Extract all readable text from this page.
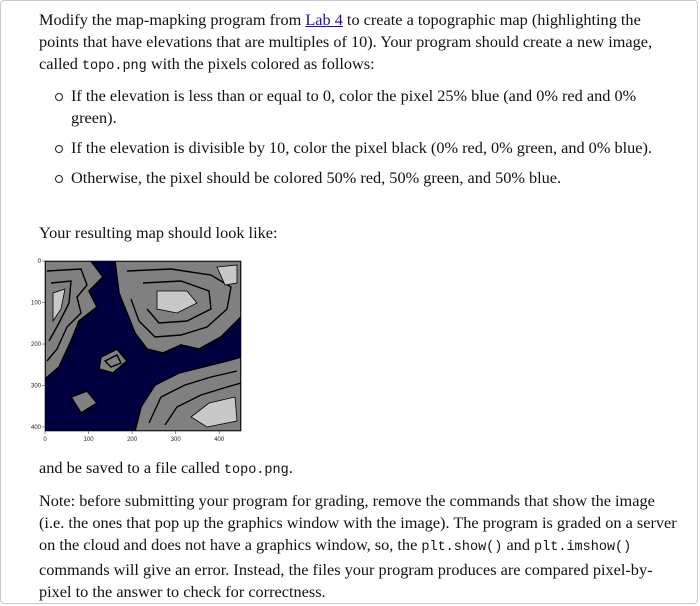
Modify the map-mapking program from Lab 4 to create a topographic map (highlighting the points that have elevations that are multiples of 10). Your program should create a new image, called topo.png with the pixels colored as follows:

If the elevation is less than or equal to 0, color the pixel 25% blue (and 0% red and 0% green).
If the elevation is divisible by 10, color the pixel black (0% red, 0% green, and 0% blue).
Otherwise, the pixel should be colored 50% red, 50% green, and 50% blue.

Your resulting map should look like:

0	100	200	300	400
0
100
200
300
400

and be saved to a file called topo.png.

Note: before submitting your program for grading, remove the commands that show the image (i.e. the ones that pop up the graphics window with the image). The program is graded on a server on the cloud and does not have a graphics window, so, the plt.show() and plt.imshow() commands will give an error. Instead, the files your program produces are compared pixel-by-pixel to the answer to check for correctness.
